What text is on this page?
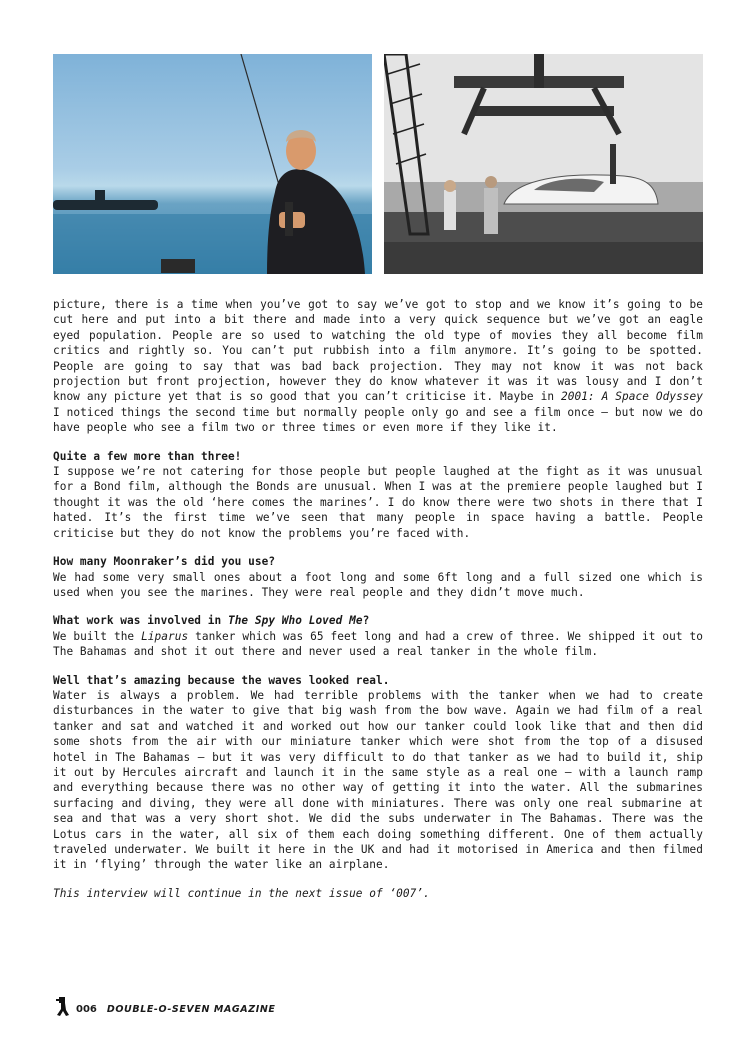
picture, there is a time when you’ve got to say we’ve got to stop and we know it’s going to be cut here and put into a bit there and made into a very quick sequence but we’ve got an eagle eyed population. People are so used to watching the old type of movies they all become film critics and rightly so. You can’t put rubbish into a film anymore. It’s going to be spotted. People are going to say that was bad back projection. They may not know it was not back projection but front projection, however they do know whatever it was it was lousy and I don’t know any picture yet that is so good that you can’t criticise it. Maybe in 2001: A Space Odyssey I noticed things the second time but normally people only go and see a film once – but now we do have people who see a film two or three times or even more if they like it.

Quite a few more than three!

I suppose we’re not catering for those people but people laughed at the fight as it was unusual for a Bond film, although the Bonds are unusual. When I was at the premiere people laughed but I thought it was the old ‘here comes the marines’. I do know there were two shots in there that I hated. It’s the first time we’ve seen that many people in space having a battle. People criticise but they do not know the problems you’re faced with.

How many Moonraker’s did you use?

We had some very small ones about a foot long and some 6ft long and a full sized one which is used when you see the marines. They were real people and they didn’t move much.

What work was involved in The Spy Who Loved Me?

We built the Liparus tanker which was 65 feet long and had a crew of three. We shipped it out to The Bahamas and shot it out there and never used a real tanker in the whole film.

Well that’s amazing because the waves looked real.

Water is always a problem. We had terrible problems with the tanker when we had to create disturbances in the water to give that big wash from the bow wave. Again we had film of a real tanker and sat and watched it and worked out how our tanker could look like that and then did some shots from the air with our miniature tanker which were shot from the top of a disused hotel in The Bahamas – but it was very difficult to do that tanker as we had to build it, ship it out by Hercules aircraft and launch it in the same style as a real one – with a launch ramp and everything because there was no other way of getting it into the water. All the submarines surfacing and diving, they were all done with miniatures. There was only one real submarine at sea and that was a very short shot. We did the subs underwater in The Bahamas. There was the Lotus cars in the water, all six of them each doing something different. One of them actually traveled underwater. We built it here in the UK and had it motorised in America and then filmed it in ‘flying’ through the water like an airplane.

This interview will continue in the next issue of ‘007’.

006 DOUBLE-O-SEVEN MAGAZINE
